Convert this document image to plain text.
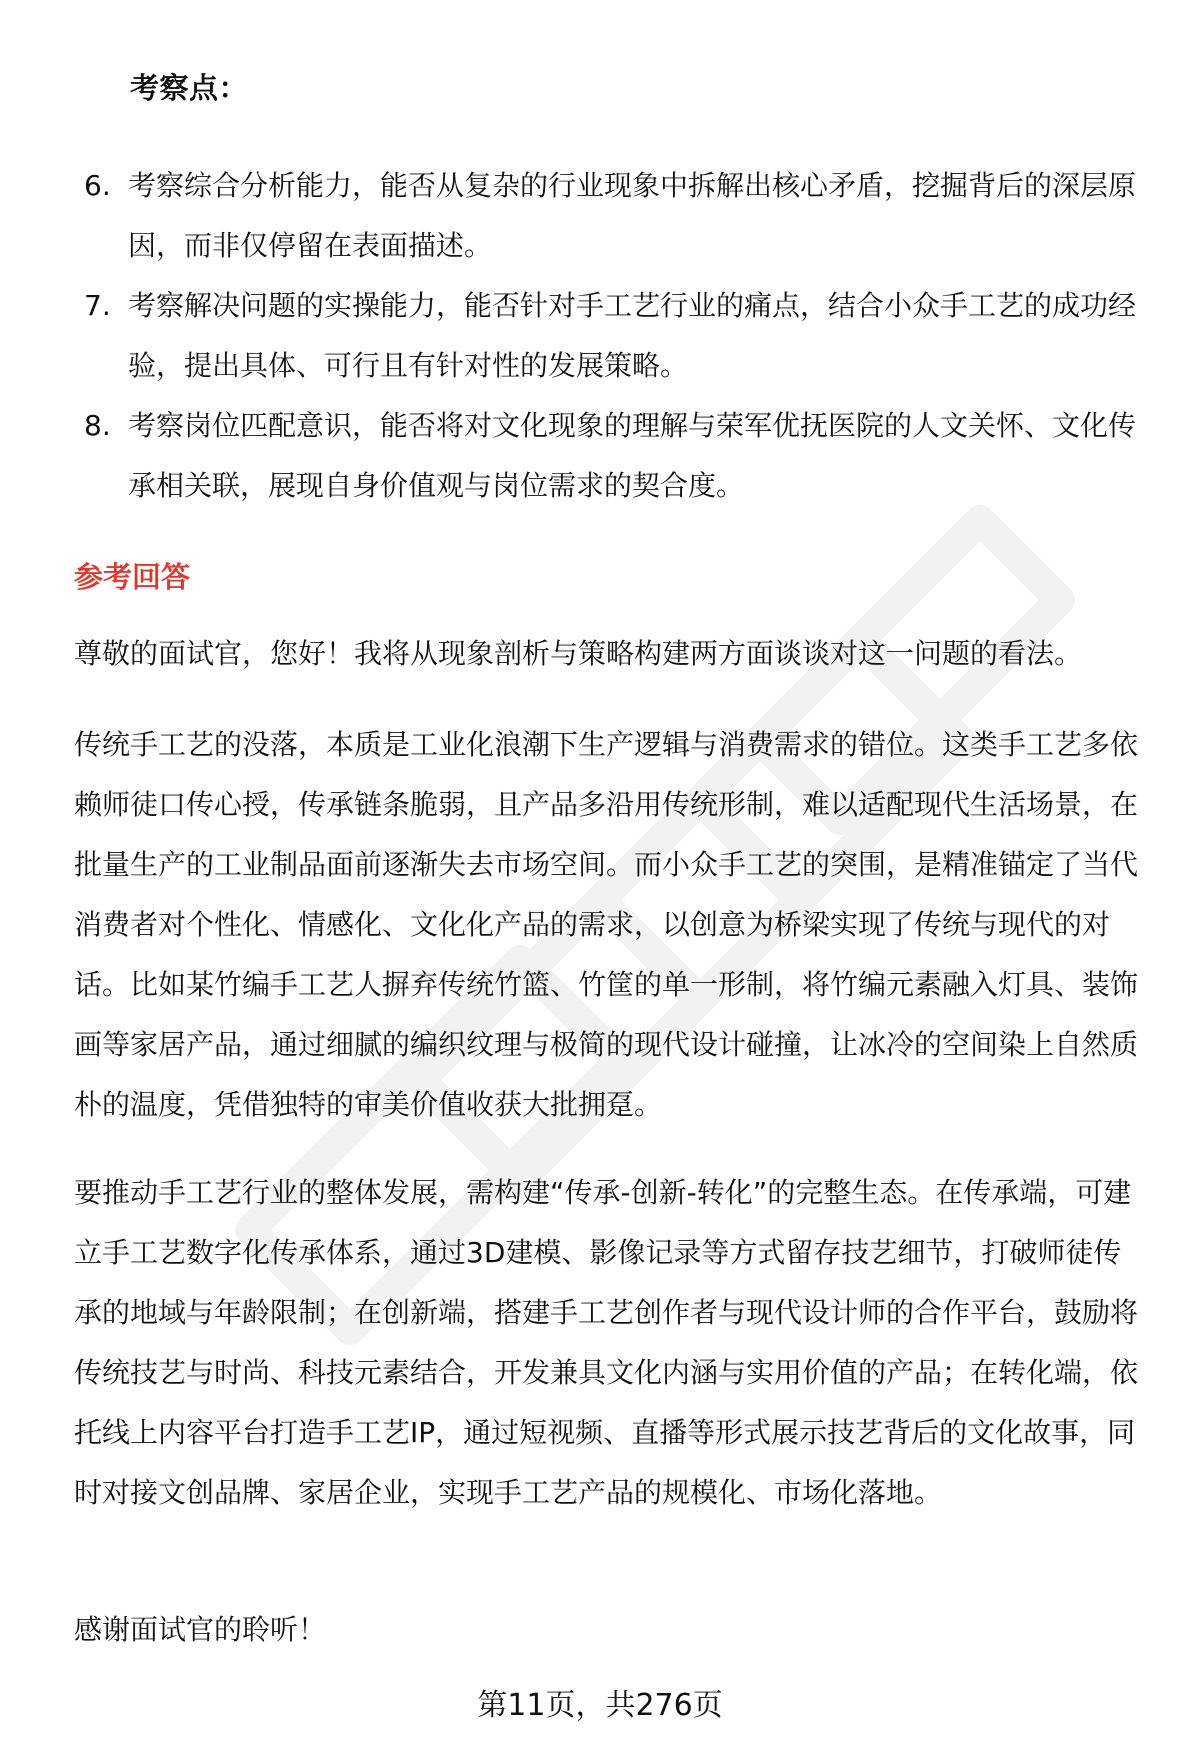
考察点：
6. 考察综合分析能力，能否从复杂的行业现象中拆解出核心矛盾，挖掘背后的深层原因，而非仅停留在表面描述。
7. 考察解决问题的实操能力，能否针对手工艺行业的痛点，结合小众手工艺的成功经验，提出具体、可行且有针对性的发展策略。
8. 考察岗位匹配意识，能否将对文化现象的理解与荣军优抚医院的人文关怀、文化传承相关联，展现自身价值观与岗位需求的契合度。
参考回答

尊敬的面试官，您好！我将从现象剖析与策略构建两方面谈谈对这一问题的看法。

传统手工艺的没落，本质是工业化浪潮下生产逻辑与消费需求的错位。这类手工艺多依赖师徒口传心授，传承链条脆弱，且产品多沿用传统形制，难以适配现代生活场景，在批量生产的工业制品面前逐渐失去市场空间。而小众手工艺的突围，是精准锚定了当代消费者对个性化、情感化、文化化产品的需求，以创意为桥梁实现了传统与现代的对话。比如某竹编手工艺人摒弃传统竹篮、竹筐的单一形制，将竹编元素融入灯具、装饰画等家居产品，通过细腻的编织纹理与极简的现代设计碰撞，让冰冷的空间染上自然质朴的温度，凭借独特的审美价值收获大批拥趸。

要推动手工艺行业的整体发展，需构建“传承-创新-转化”的完整生态。在传承端，可建立手工艺数字化传承体系，通过3D建模、影像记录等方式留存技艺细节，打破师徒传承的地域与年龄限制；在创新端，搭建手工艺创作者与现代设计师的合作平台，鼓励将传统技艺与时尚、科技元素结合，开发兼具文化内涵与实用价值的产品；在转化端，依托线上内容平台打造手工艺IP，通过短视频、直播等形式展示技艺背后的文化故事，同时对接文创品牌、家居企业，实现手工艺产品的规模化、市场化落地。

感谢面试官的聆听！

第11页，共276页
